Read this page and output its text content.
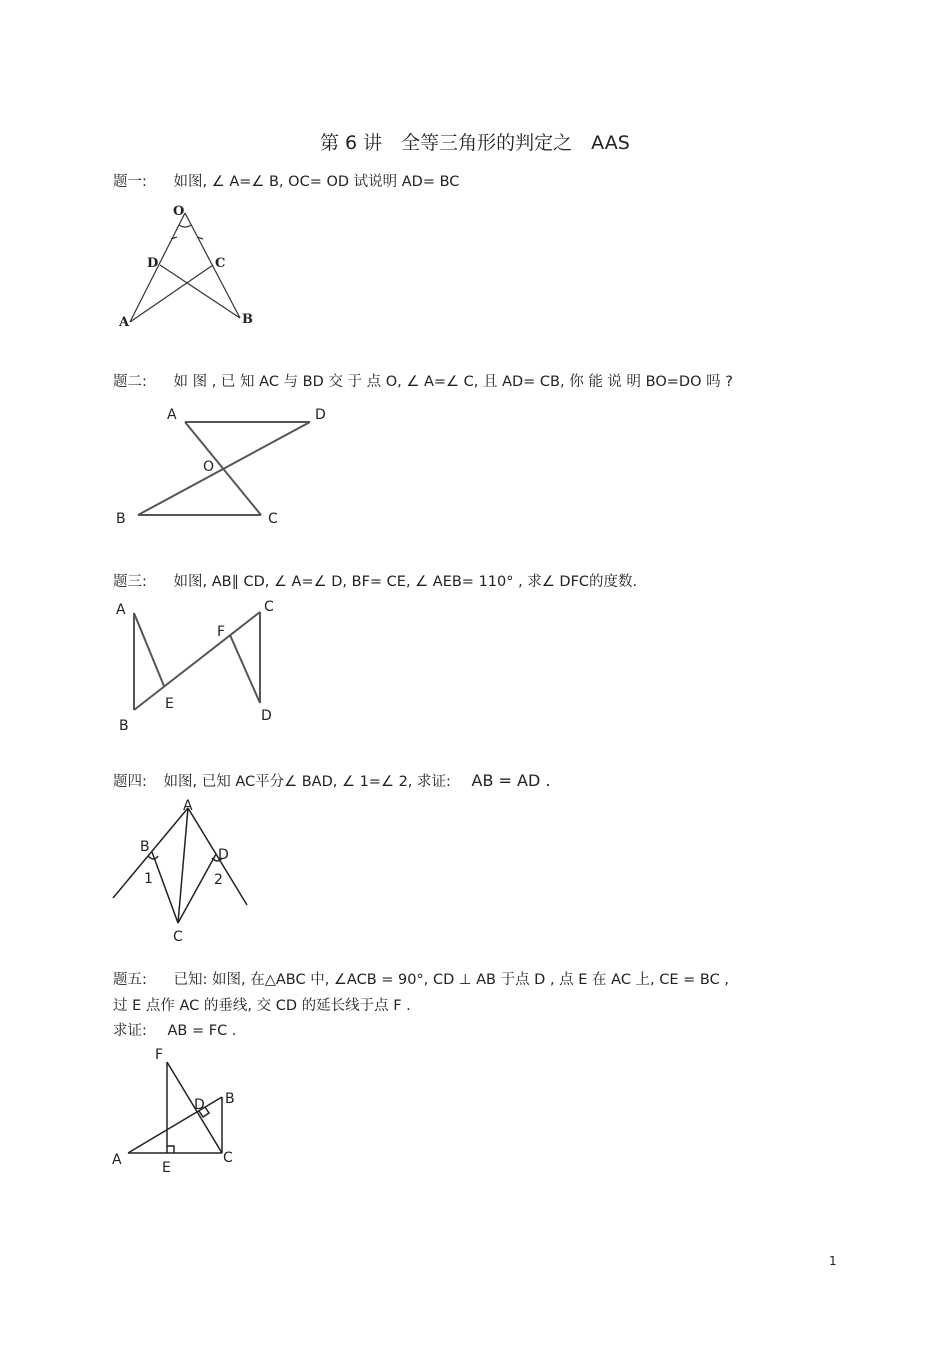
第 6 讲　全等三角形的判定之　AAS
题一: 如图, ∠ A=∠ B, OC= OD 试说明 AD= BC
O
D	C
A	B
题二: 如 图 , 已 知 AC 与 BD 交 于 点 O, ∠ A=∠ C, 且 AD= CB, 你 能 说 明 BO=DO 吗 ?
A	D
O
B	C
题三: 如图, AB∥ CD, ∠ A=∠ D, BF= CE, ∠ AEB= 110° , 求∠ DFC的度数.
A	C
F
E
B
D
题四: 如图, 已知 AC平分∠ BAD, ∠ 1=∠ 2, 求证: AB = AD .
A
B	D
1	2
C
题五: 已知: 如图, 在△ABC 中, ∠ACB = 90°, CD ⊥ AB 于点 D , 点 E 在 AC 上, CE = BC ,
过 E 点作 AC 的垂线, 交 CD 的延长线于点 F .
求证: AB = FC .
F
D B
A	C
E
1
